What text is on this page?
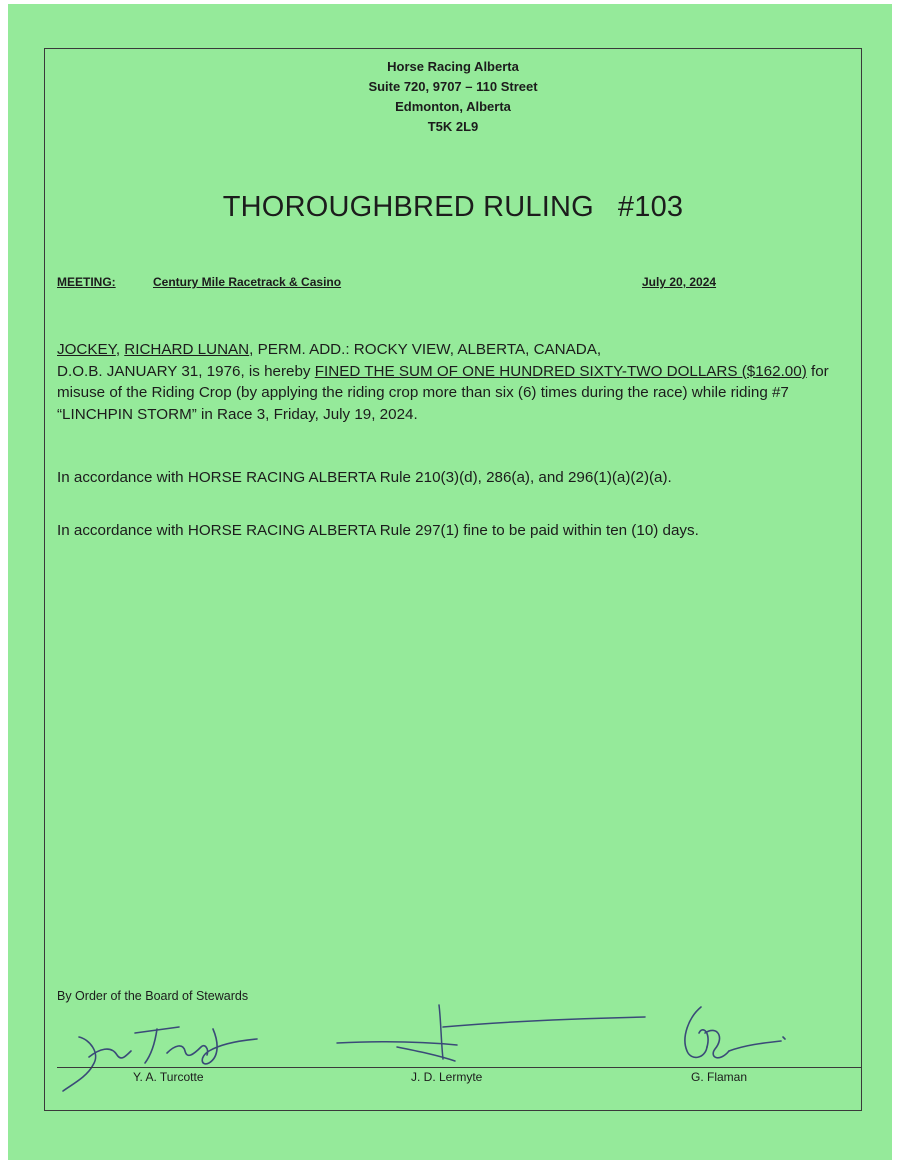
Horse Racing Alberta
Suite 720, 9707 – 110 Street
Edmonton, Alberta
T5K 2L9
THOROUGHBRED RULING #103
MEETING:	Century Mile Racetrack & Casino	July 20, 2024
JOCKEY, RICHARD LUNAN, PERM. ADD.: ROCKY VIEW, ALBERTA, CANADA,
D.O.B. JANUARY 31, 1976, is hereby FINED THE SUM OF ONE HUNDRED SIXTY-TWO DOLLARS ($162.00) for misuse of the Riding Crop (by applying the riding crop more than six (6) times during the race) while riding #7 “LINCHPIN STORM” in Race 3, Friday, July 19, 2024.
In accordance with HORSE RACING ALBERTA Rule 210(3)(d), 286(a), and 296(1)(a)(2)(a).
In accordance with HORSE RACING ALBERTA Rule 297(1) fine to be paid within ten (10) days.
By Order of the Board of Stewards
Y. A. Turcotte	J. D. Lermyte	G. Flaman
